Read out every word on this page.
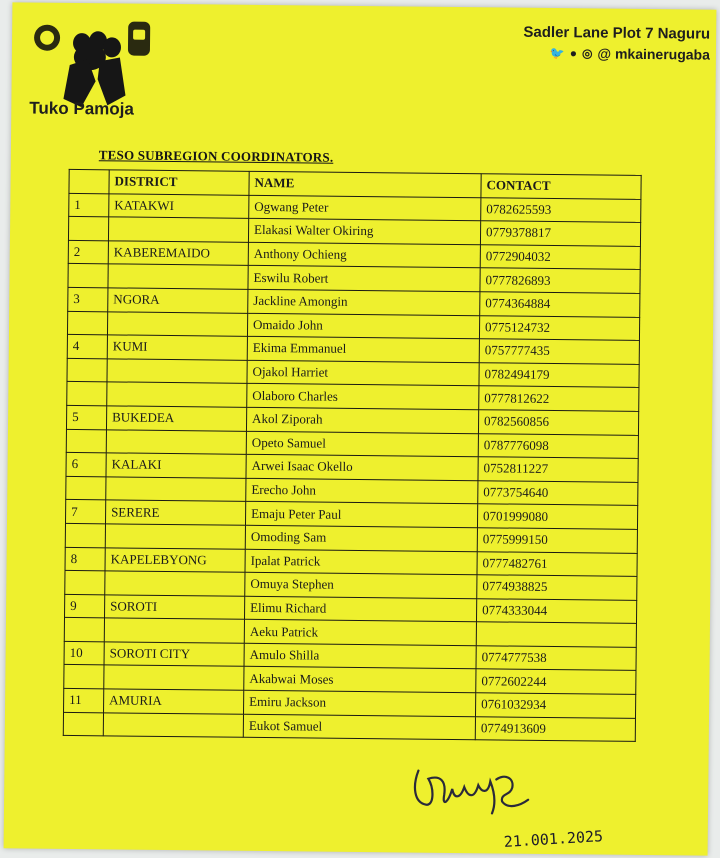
Tuko Pamoja
Sadler Lane Plot 7 Naguru
🐦 ● ◎ @ mkainerugaba
TESO SUBREGION COORDINATORS.
	DISTRICT	NAME	CONTACT
1	KATAKWI	Ogwang Peter	0782625593
		Elakasi Walter Okiring	0779378817
2	KABEREMAIDO	Anthony Ochieng	0772904032
		Eswilu Robert	0777826893
3	NGORA	Jackline Amongin	0774364884
		Omaido John	0775124732
4	KUMI	Ekima Emmanuel	0757777435
		Ojakol Harriet	0782494179
		Olaboro Charles	0777812622
5	BUKEDEA	Akol Ziporah	0782560856
		Opeto Samuel	0787776098
6	KALAKI	Arwei Isaac Okello	0752811227
		Erecho John	0773754640
7	SERERE	Emaju Peter Paul	0701999080
		Omoding Sam	0775999150
8	KAPELEBYONG	Ipalat Patrick	0777482761
		Omuya Stephen	0774938825
9	SOROTI	Elimu Richard	0774333044
		Aeku Patrick	
10	SOROTI CITY	Amulo Shilla	0774777538
		Akabwai Moses	0772602244
11	AMURIA	Emiru Jackson	0761032934
		Eukot Samuel	0774913609
21.001.2025
